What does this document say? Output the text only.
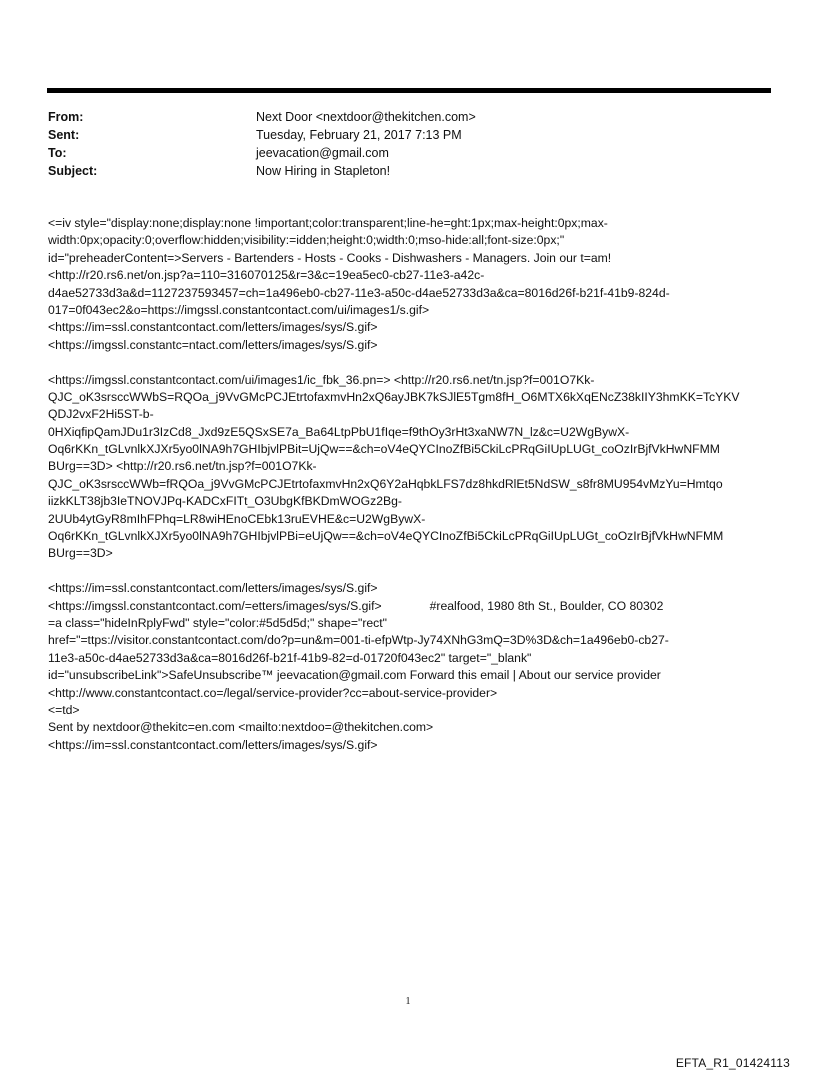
From:	Next Door <nextdoor@thekitchen.com>
Sent:	Tuesday, February 21, 2017 7:13 PM
To:	jeevacation@gmail.com
Subject:	Now Hiring in Stapleton!
<=iv style="display:none;display:none !important;color:transparent;line-he=ght:1px;max-height:0px;max-
width:0px;opacity:0;overflow:hidden;visibility:=idden;height:0;width:0;mso-hide:all;font-size:0px;"
id="preheaderContent=>Servers - Bartenders - Hosts - Cooks - Dishwashers - Managers. Join our t=am!
<http://r20.rs6.net/on.jsp?a=110=316070125&r=3&c=19ea5ec0-cb27-11e3-a42c-
d4ae52733d3a&d=1127237593457=ch=1a496eb0-cb27-11e3-a50c-d4ae52733d3a&ca=8016d26f-b21f-41b9-824d-
017=0f043ec2&o=https://imgssl.constantcontact.com/ui/images1/s.gif>
<https://im=ssl.constantcontact.com/letters/images/sys/S.gif>
<https://imgssl.constantc=ntact.com/letters/images/sys/S.gif>
<https://imgssl.constantcontact.com/ui/images1/ic_fbk_36.pn=> <http://r20.rs6.net/tn.jsp?f=001O7Kk-
QJC_oK3srsccWWbS=RQOa_j9VvGMcPCJEtrtofaxmvHn2xQ6ayJBK7kSJlE5Tgm8fH_O6MTX6kXqENcZ38kIIY3hmKK=TcYKV
QDJ2vxF2Hi5ST-b-
0HXiqfipQamJDu1r3IzCd8_Jxd9zE5QSxSE7a_Ba64LtpPbU1fIqe=f9thOy3rHt3xaNW7N_lz&c=U2WgBywX-
Oq6rKKn_tGLvnlkXJXr5yo0lNA9h7GHIbjvlPBit=UjQw==&ch=oV4eQYCInoZfBi5CkiLcPRqGiIUpLUGt_coOzIrBjfVkHwNFMM
BUrg==3D> <http://r20.rs6.net/tn.jsp?f=001O7Kk-
QJC_oK3srsccWWb=fRQOa_j9VvGMcPCJEtrtofaxmvHn2xQ6Y2aHqbkLFS7dz8hkdRlEt5NdSW_s8fr8MU954vMzYu=Hmtqo
iizkKLT38jb3IeTNOVJPq-KADCxFITt_O3UbgKfBKDmWOGz2Bg-
2UUb4ytGyR8mIhFPhq=LR8wiHEnoCEbk13ruEVHE&c=U2WgBywX-
Oq6rKKn_tGLvnlkXJXr5yo0lNA9h7GHIbjvlPBi=eUjQw==&ch=oV4eQYCInoZfBi5CkiLcPRqGiIUpLUGt_coOzIrBjfVkHwNFMM
BUrg==3D>
<https://im=ssl.constantcontact.com/letters/images/sys/S.gif>
<https://imgssl.constantcontact.com/=etters/images/sys/S.gif>	#realfood, 1980 8th St., Boulder, CO 80302
=a class="hideInRplyFwd" style="color:#5d5d5d;" shape="rect"
href="=ttps://visitor.constantcontact.com/do?p=un&m=001-ti-efpWtp-Jy74XNhG3mQ=3D%3D&ch=1a496eb0-cb27-
11e3-a50c-d4ae52733d3a&ca=8016d26f-b21f-41b9-82=d-01720f043ec2" target="_blank"
id="unsubscribeLink">SafeUnsubscribe™ jeevacation@gmail.com Forward this email | About our service provider
<http://www.constantcontact.co=/legal/service-provider?cc=about-service-provider>
<=td>
Sent by nextdoor@thekitc=en.com <mailto:nextdoo=@thekitchen.com>
<https://im=ssl.constantcontact.com/letters/images/sys/S.gif>
1
EFTA_R1_01424113
